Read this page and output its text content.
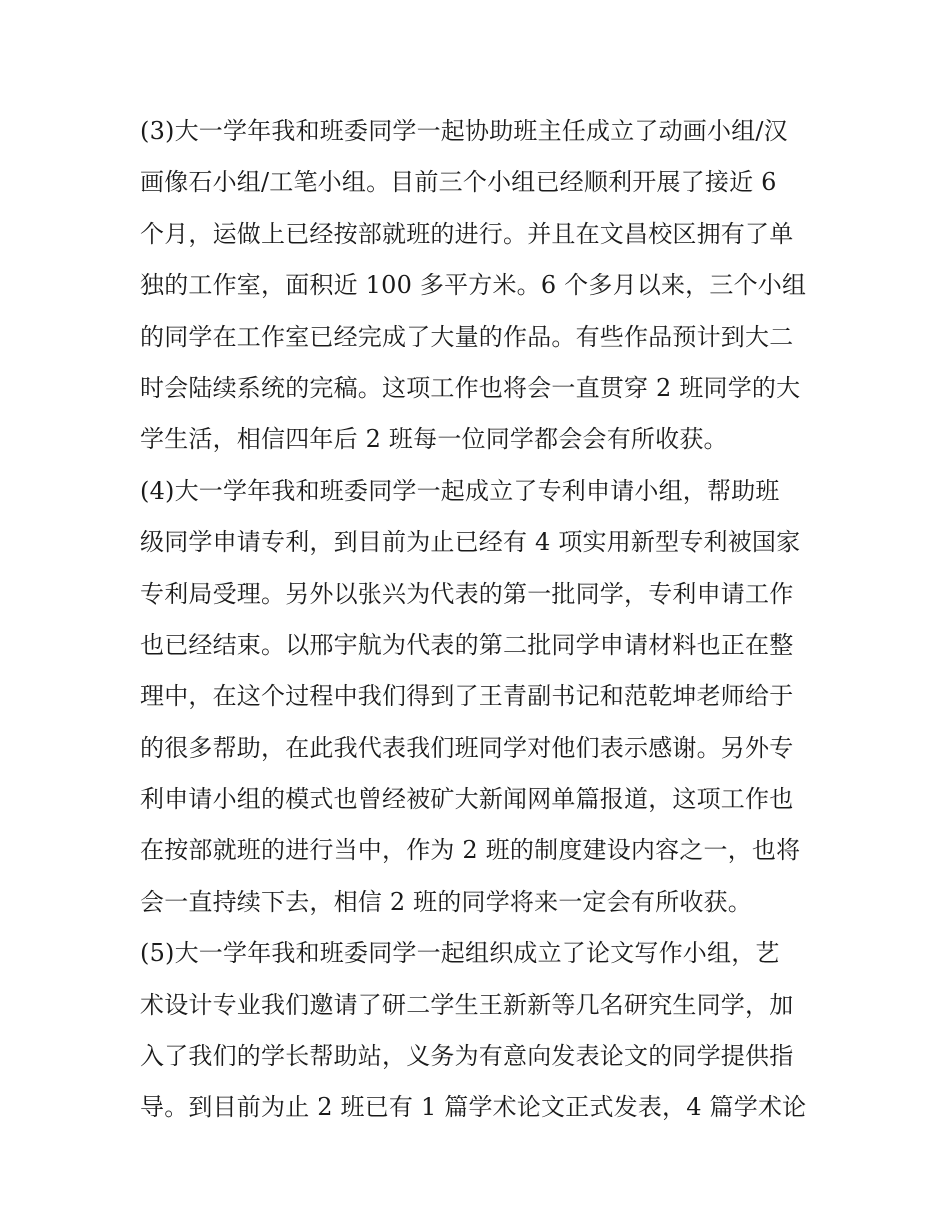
(3)大一学年我和班委同学一起协助班主任成立了动画小组/汉
画像石小组/工笔小组。目前三个小组已经顺利开展了接近 6
个月，运做上已经按部就班的进行。并且在文昌校区拥有了单
独的工作室，面积近 100 多平方米。6 个多月以来，三个小组
的同学在工作室已经完成了大量的作品。有些作品预计到大二
时会陆续系统的完稿。这项工作也将会一直贯穿 2 班同学的大
学生活，相信四年后 2 班每一位同学都会会有所收获。
(4)大一学年我和班委同学一起成立了专利申请小组，帮助班
级同学申请专利，到目前为止已经有 4 项实用新型专利被国家
专利局受理。另外以张兴为代表的第一批同学，专利申请工作
也已经结束。以邢宇航为代表的第二批同学申请材料也正在整
理中，在这个过程中我们得到了王青副书记和范乾坤老师给于
的很多帮助，在此我代表我们班同学对他们表示感谢。另外专
利申请小组的模式也曾经被矿大新闻网单篇报道，这项工作也
在按部就班的进行当中，作为 2 班的制度建设内容之一，也将
会一直持续下去，相信 2 班的同学将来一定会有所收获。
(5)大一学年我和班委同学一起组织成立了论文写作小组，艺
术设计专业我们邀请了研二学生王新新等几名研究生同学，加
入了我们的学长帮助站，义务为有意向发表论文的同学提供指
导。到目前为止 2 班已有 1 篇学术论文正式发表，4 篇学术论
